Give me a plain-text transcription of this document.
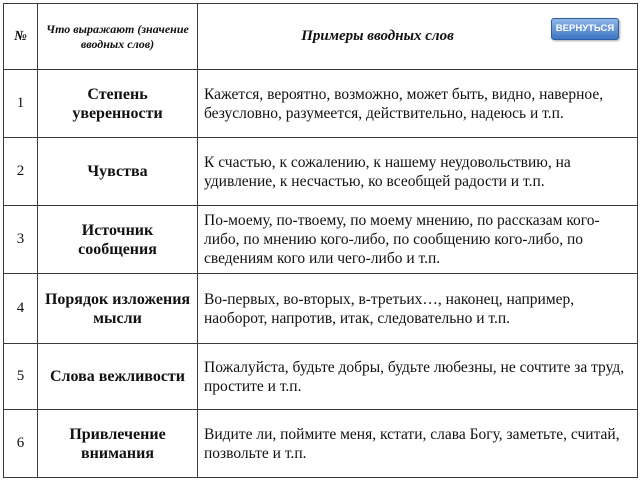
№	Что выражают (значение вводных слов)	Примеры вводных слов ВЕРНУТЬСЯ

1	Степень уверенности	Кажется, вероятно, возможно, может быть, видно, наверное, безусловно, разумеется, действительно, надеюсь и т.п.
2	Чувства	К счастью, к сожалению, к нашему неудовольствию, на удивление, к несчастью, ко всеобщей радости и т.п.
3	Источник сообщения	По-моему, по-твоему, по моему мнению, по рассказам кого- либо, по мнению кого-либо, по сообщению кого-либо, по сведениям кого или чего-либо и т.п.
4	Порядок изложения мысли	Во-первых, во-вторых, в-третьих…, наконец, например, наоборот, напротив, итак, следовательно и т.п.
5	Слова вежливости	Пожалуйста, будьте добры, будьте любезны, не сочтите за труд, простите и т.п.
6	Привлечение внимания	Видите ли, поймите меня, кстати, слава Богу, заметьте, считай, позвольте и т.п.
